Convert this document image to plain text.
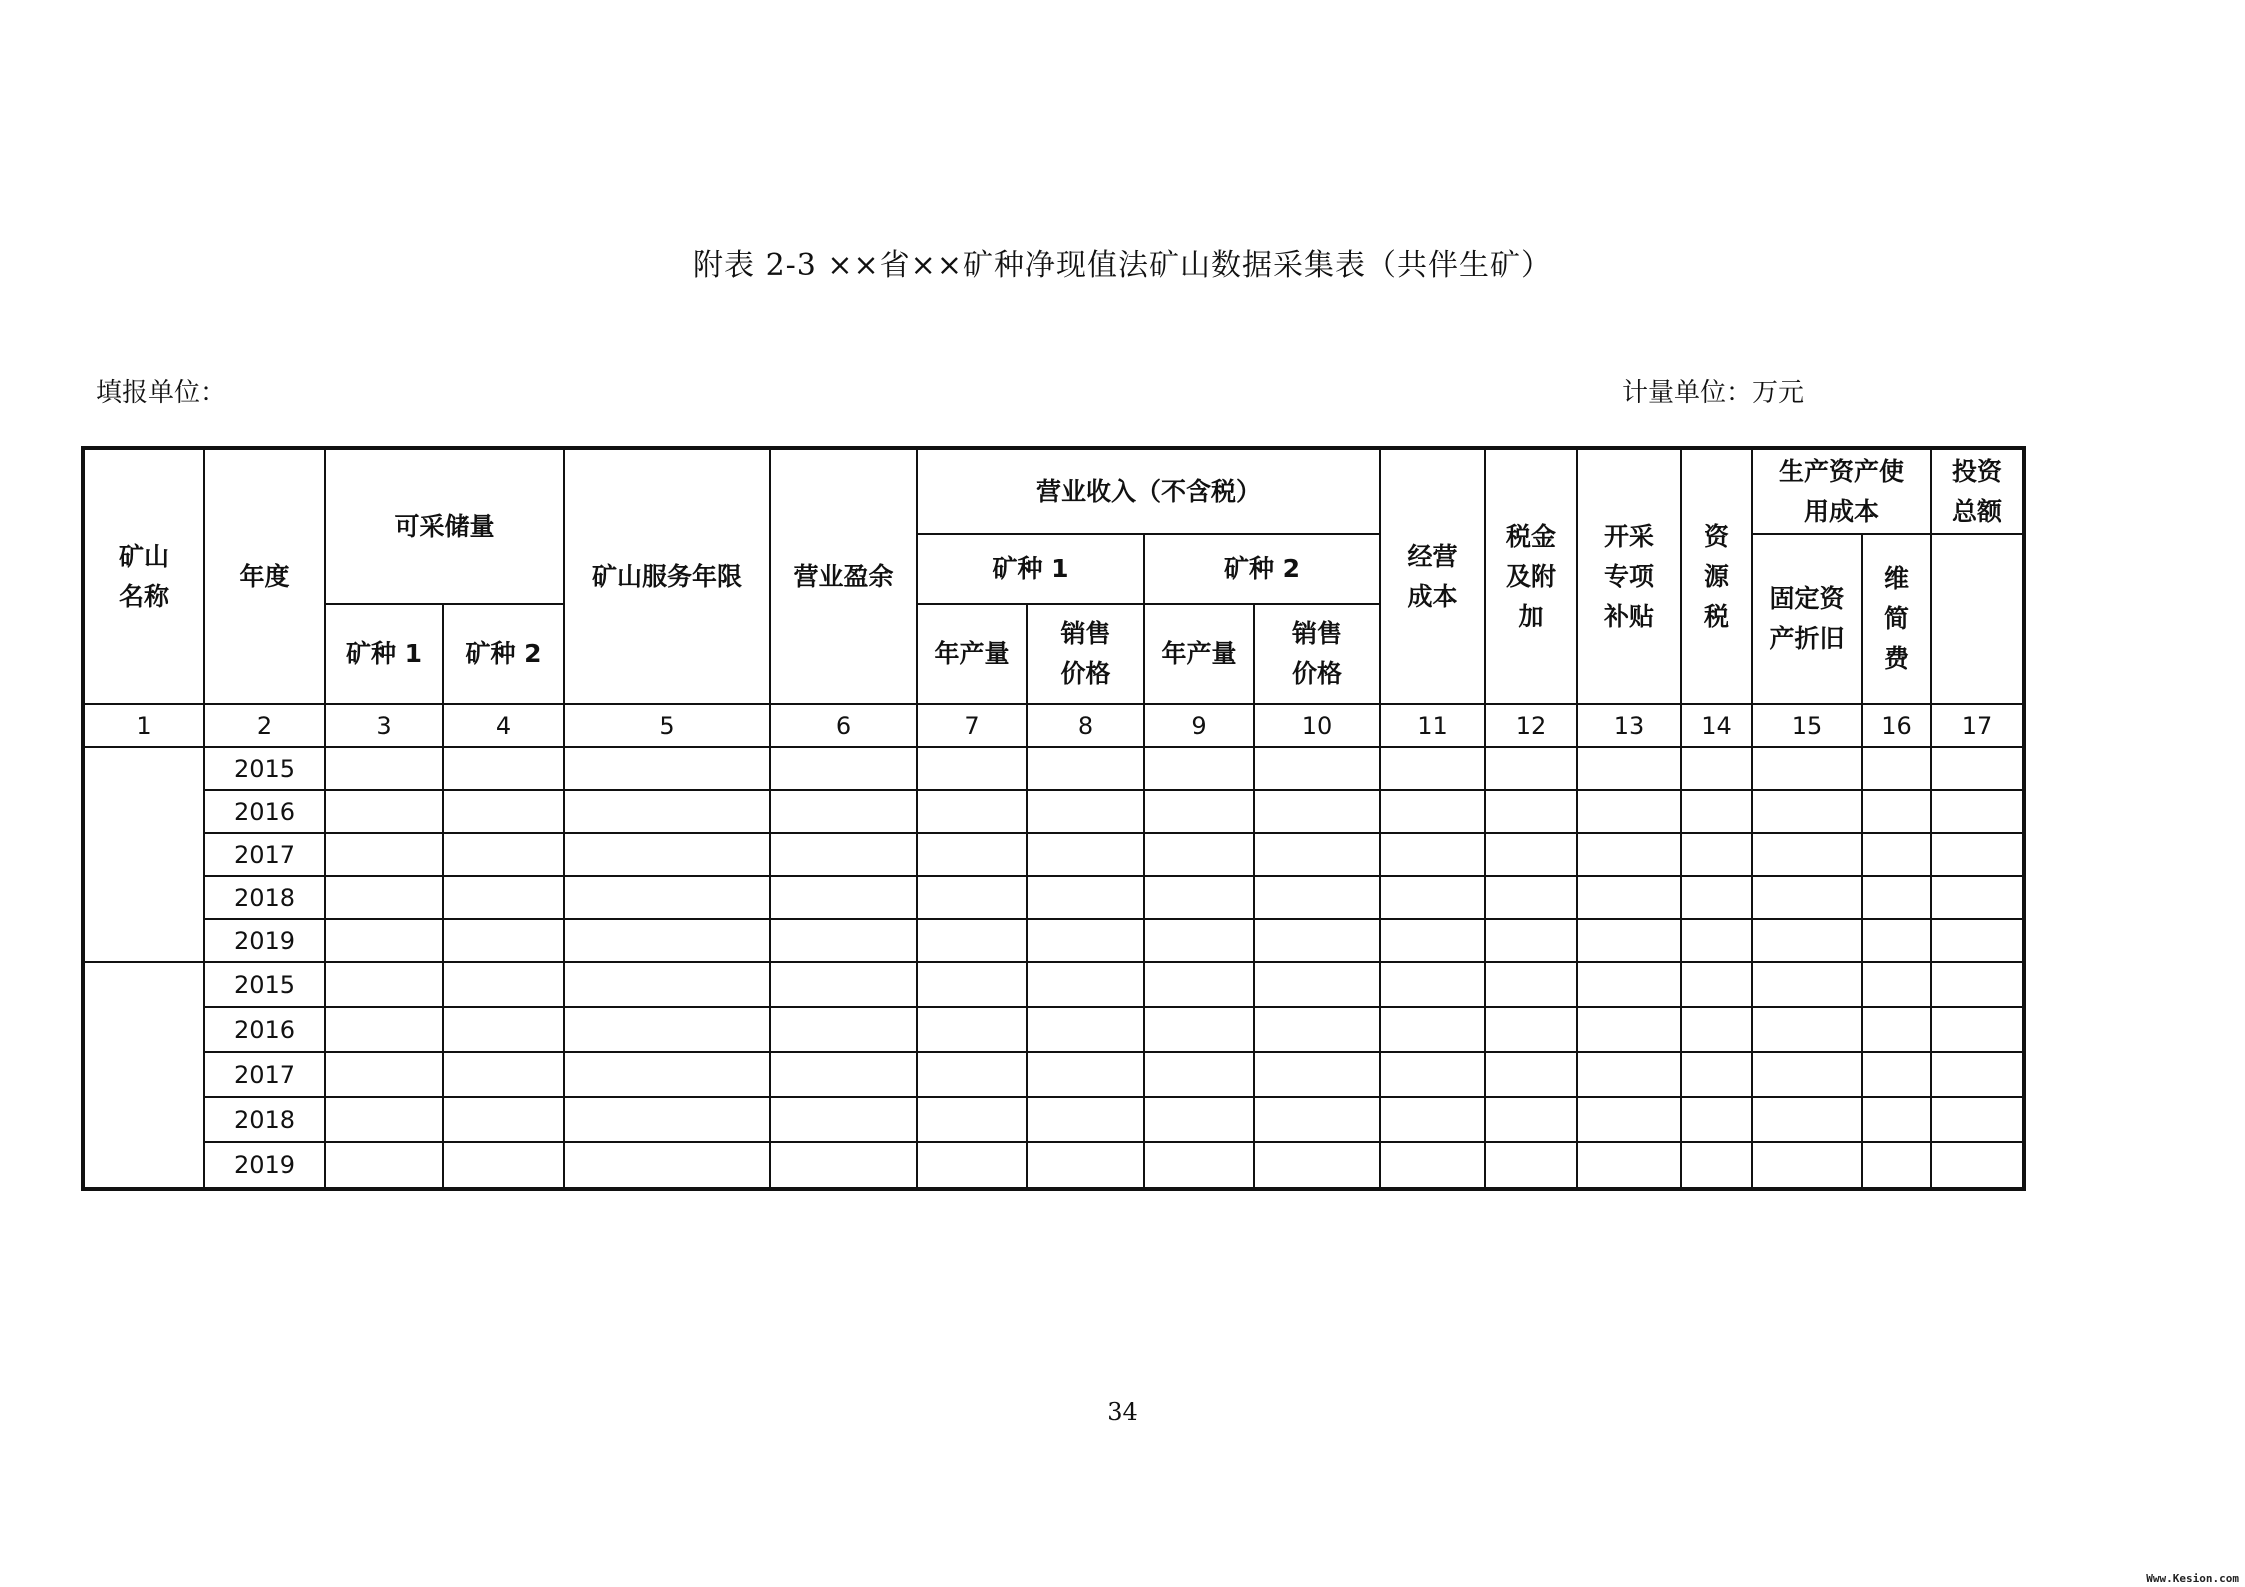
附表 2-3 ××省××矿种净现值法矿山数据采集表（共伴生矿）
填报单位：	计量单位：万元
矿山名称	年度	可采储量		矿山服务年限	营业盈余	营业收入（不含税）				经营成本	税金及附加	开采专项补贴	资源税	生产资产使用成本		投资总额
						矿种 1		矿种 2						固定资产折旧	维简费	
		矿种 1	矿种 2			年产量	销售价格	年产量	销售价格							
1	2	3	4	5	6	7	8	9	10	11	12	13	14	15	16	17
	2015															
	2016															
	2017															
	2018															
	2019															
	2015															
	2016															
	2017															
	2018															
	2019															
34
Www.Kesion.com
